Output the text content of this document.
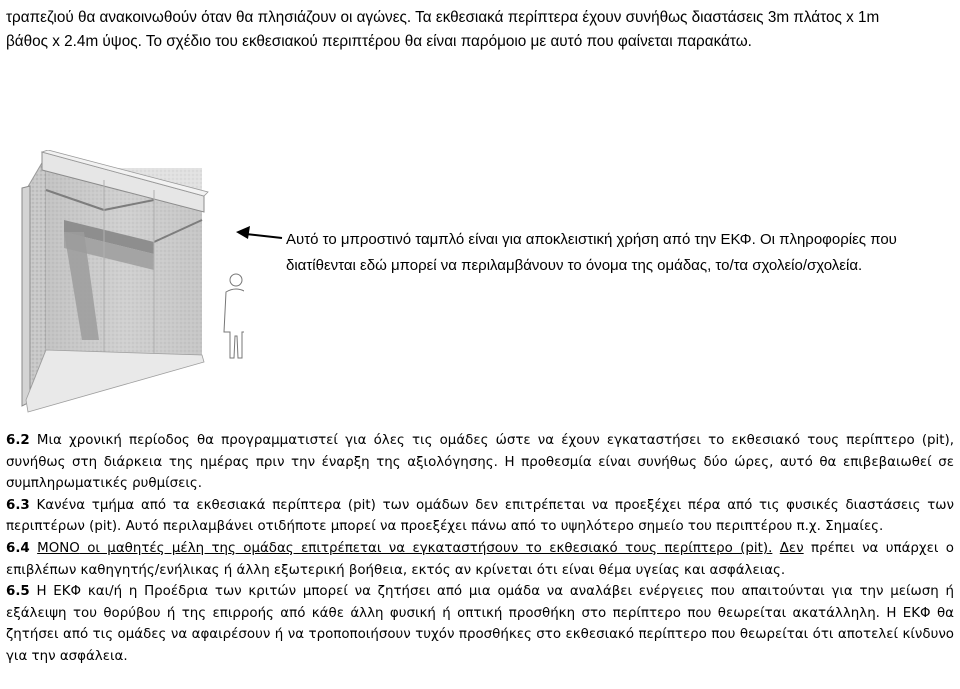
τραπεζιού θα ανακοινωθούν όταν θα πλησιάζουν οι αγώνες. Τα εκθεσιακά περίπτερα έχουν συνήθως διαστάσεις 3m πλάτος x 1m
βάθος x 2.4m ύψος. Το σχέδιο του εκθεσιακού περιπτέρου θα είναι παρόμοιο με αυτό που φαίνεται παρακάτω.

Αυτό το μπροστινό ταμπλό είναι για αποκλειστική χρήση από την ΕΚΦ. Οι πληροφορίες που
διατίθενται εδώ μπορεί να περιλαμβάνουν το όνομα της ομάδας, το/τα σχολείο/σχολεία.

6.2 Μια χρονική περίοδος θα προγραμματιστεί για όλες τις ομάδες ώστε να έχουν εγκαταστήσει το εκθεσιακό τους περίπτερο (pit), συνήθως στη διάρκεια της ημέρας πριν την έναρξη της αξιολόγησης. Η προθεσμία είναι συνήθως δύο ώρες, αυτό θα επιβεβαιωθεί σε συμπληρωματικές ρυθμίσεις.

6.3 Κανένα τμήμα από τα εκθεσιακά περίπτερα (pit) των ομάδων δεν επιτρέπεται να προεξέχει πέρα από τις φυσικές διαστάσεις των περιπτέρων (pit). Αυτό περιλαμβάνει οτιδήποτε μπορεί να προεξέχει πάνω από το υψηλότερο σημείο του περιπτέρου π.χ. Σημαίες.

6.4 ΜΟΝΟ οι μαθητές μέλη της ομάδας επιτρέπεται να εγκαταστήσουν το εκθεσιακό τους περίπτερο (pit). Δεν πρέπει να υπάρχει ο επιβλέπων καθηγητής/ενήλικας ή άλλη εξωτερική βοήθεια, εκτός αν κρίνεται ότι είναι θέμα υγείας και ασφάλειας.

6.5 Η ΕΚΦ και/ή η Προέδρια των κριτών μπορεί να ζητήσει από μια ομάδα να αναλάβει ενέργειες που απαιτούνται για την μείωση ή εξάλειψη του θορύβου ή της επιρροής από κάθε άλλη φυσική ή οπτική προσθήκη στο περίπτερο που θεωρείται ακατάλληλη. Η ΕΚΦ θα ζητήσει από τις ομάδες να αφαιρέσουν ή να τροποποιήσουν τυχόν προσθήκες στο εκθεσιακό περίπτερο που θεωρείται ότι αποτελεί κίνδυνο για την ασφάλεια.
